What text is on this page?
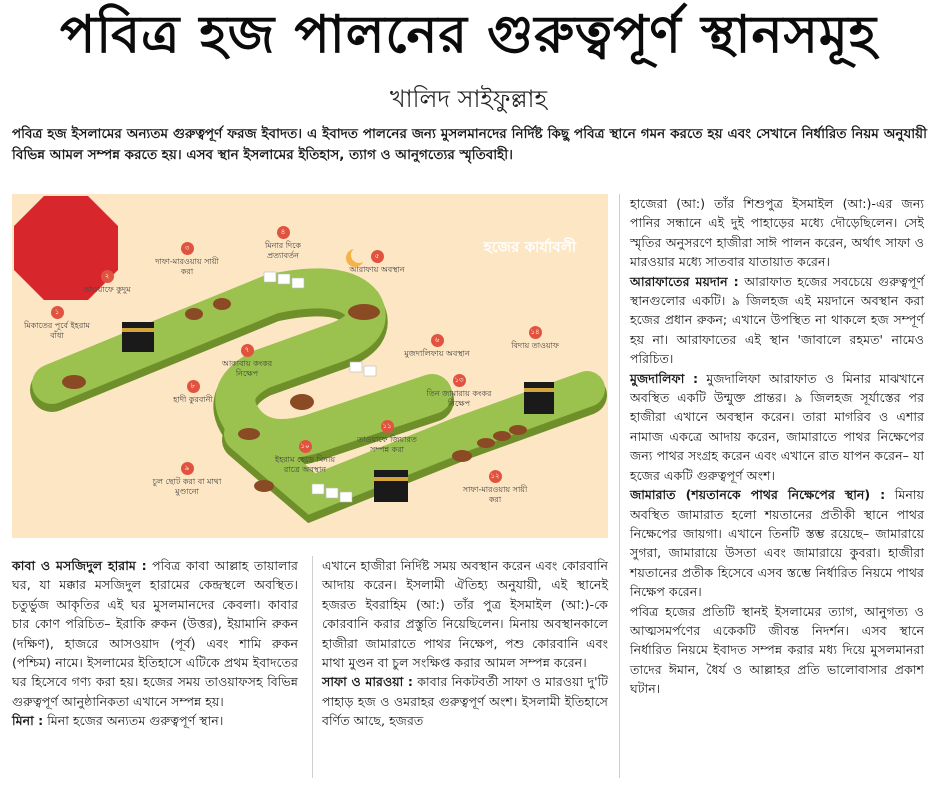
পবিত্র হজ পালনের গুরুত্বপূর্ণ স্থানসমূহ
খালিদ সাইফুল্লাহ
পবিত্র হজ ইসলামের অন্যতম গুরুত্বপূর্ণ ফরজ ইবাদত। এ ইবাদত পালনের জন্য মুসলমানদের নির্দিষ্ট কিছু পবিত্র স্থানে গমন করতে হয় এবং সেখানে নির্ধারিত নিয়ম অনুযায়ী বিভিন্ন আমল সম্পন্ন করতে হয়। এসব স্থান ইসলামের ইতিহাস, ত্যাগ ও আনুগত্যের স্মৃতিবাহী।
হজের কার্যাবলী
১
মিকাতের পূর্বে ইহরাম বাঁধা
২
তাওয়াফে কুদুম
৩
দাফা-মারওয়ায় সায়ী করা
৪
মিনার দিকে প্রত্যাবর্তন	৫
আরাফায় অবস্থান
৬
মুজদালিফায় অবস্থান
৭
আকাবায় কংকর নিক্ষেপ
৮
হাদী কুরবানী
৯
চুল ছোট করা বা মাথা মুণ্ডানো
১০
ইহরাম ছেড়ে মিনায় রাত্রে অবস্থান
১১
তাওয়াফে জিয়ারত সম্পন্ন করা
১২
সাফা-মারওয়ায় সায়ী করা
১৩
তিন জামারায় কংকর নিক্ষেপ
১৪
বিদায় তাওয়াফ

কাবা ও মসজিদুল হারাম : পবিত্র কাবা আল্লাহ তায়ালার ঘর, যা মক্কার মসজিদুল হারামের কেন্দ্রস্থলে অবস্থিত। চতুর্ভুজ আকৃতির এই ঘর মুসলমানদের কেবলা। কাবার চার কোণ পরিচিত– ইরাকি রুকন (উত্তর), ইয়ামানি রুকন (দক্ষিণ), হাজরে আসওয়াদ (পূর্ব) এবং শামি রুকন (পশ্চিম) নামে। ইসলামের ইতিহাসে এটিকে প্রথম ইবাদতের ঘর হিসেবে গণ্য করা হয়। হজের সময় তাওয়াফসহ বিভিন্ন গুরুত্বপূর্ণ আনুষ্ঠানিকতা এখানে সম্পন্ন হয়।

মিনা : মিনা হজের অন্যতম গুরুত্বপূর্ণ স্থান।

এখানে হাজীরা নির্দিষ্ট সময় অবস্থান করেন এবং কোরবানি আদায় করেন। ইসলামী ঐতিহ্য অনুযায়ী, এই স্থানেই হজরত ইবরাহিম (আ:) তাঁর পুত্র ইসমাইল (আ:)-কে কোরবানি করার প্রস্তুতি নিয়েছিলেন। মিনায় অবস্থানকালে হাজীরা জামারাতে পাথর নিক্ষেপ, পশু কোরবানি এবং মাথা মুণ্ডন বা চুল সংক্ষিপ্ত করার আমল সম্পন্ন করেন।

সাফা ও মারওয়া : কাবার নিকটবর্তী সাফা ও মারওয়া দু'টি পাহাড় হজ ও ওমরাহর গুরুত্বপূর্ণ অংশ। ইসলামী ইতিহাসে বর্ণিত আছে, হজরত

হাজেরা (আ:) তাঁর শিশুপুত্র ইসমাইল (আ:)-এর জন্য পানির সন্ধানে এই দুই পাহাড়ের মধ্যে দৌড়েছিলেন। সেই স্মৃতির অনুসরণে হাজীরা সাঈ পালন করেন, অর্থাৎ সাফা ও মারওয়ার মধ্যে সাতবার যাতায়াত করেন।

আরাফাতের ময়দান : আরাফাত হজের সবচেয়ে গুরুত্বপূর্ণ স্থানগুলোর একটি। ৯ জিলহজ এই ময়দানে অবস্থান করা হজের প্রধান রুকন; এখানে উপস্থিত না থাকলে হজ সম্পূর্ণ হয় না। আরাফাতের এই স্থান 'জাবালে রহমত' নামেও পরিচিত।

মুজদালিফা : মুজদালিফা আরাফাত ও মিনার মাঝখানে অবস্থিত একটি উন্মুক্ত প্রান্তর। ৯ জিলহজ সূর্যাস্তের পর হাজীরা এখানে অবস্থান করেন। তারা মাগরিব ও এশার নামাজ একত্রে আদায় করেন, জামারাতে পাথর নিক্ষেপের জন্য পাথর সংগ্রহ করেন এবং এখানে রাত যাপন করেন– যা হজের একটি গুরুত্বপূর্ণ অংশ।

জামারাত (শয়তানকে পাথর নিক্ষেপের স্থান) : মিনায় অবস্থিত জামারাত হলো শয়তানের প্রতীকী স্থানে পাথর নিক্ষেপের জায়গা। এখানে তিনটি স্তম্ভ রয়েছে– জামারায়ে সুগরা, জামারায়ে উসতা এবং জামারায়ে কুবরা। হাজীরা শয়তানের প্রতীক হিসেবে এসব স্তম্ভে নির্ধারিত নিয়মে পাথর নিক্ষেপ করেন।

পবিত্র হজের প্রতিটি স্থানই ইসলামের ত্যাগ, আনুগত্য ও আত্মসমর্পণের একেকটি জীবন্ত নিদর্শন। এসব স্থানে নির্ধারিত নিয়মে ইবাদত সম্পন্ন করার মধ্য দিয়ে মুসলমানরা তাদের ঈমান, ধৈর্য ও আল্লাহর প্রতি ভালোবাসার প্রকাশ ঘটান।
